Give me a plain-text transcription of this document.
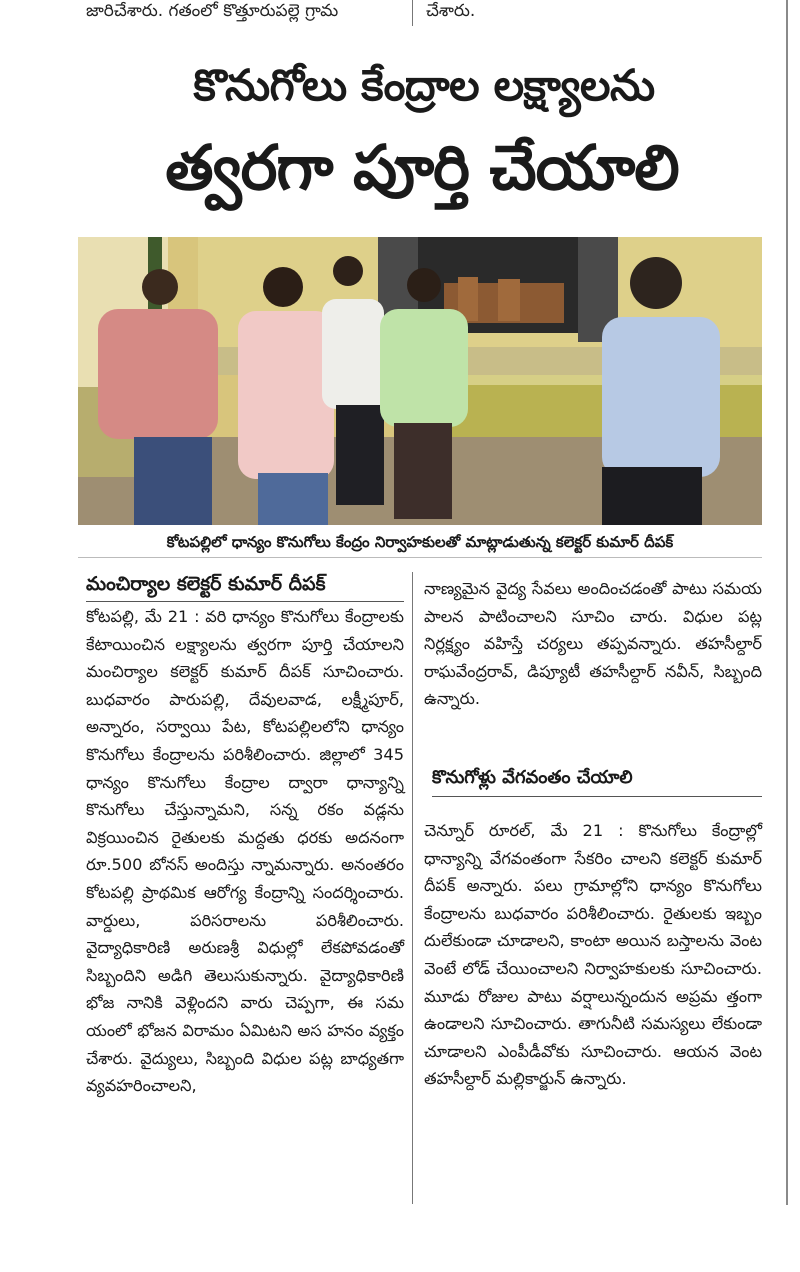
జారిచేశారు. గతంలో కొత్తూరుపల్లె గ్రామ	చేశారు.
కొనుగోలు కేంద్రాల లక్ష్యాలను
త్వరగా పూర్తి చేయాలి
కోటపల్లిలో ధాన్యం కొనుగోలు కేంద్రం నిర్వాహకులతో మాట్లాడుతున్న కలెక్టర్ కుమార్ దీపక్
మంచిర్యాల కలెక్టర్ కుమార్ దీపక్

కోటపల్లి, మే 21 : వరి ధాన్యం కొనుగోలు కేంద్రాలకు కేటాయించిన లక్ష్యాలను త్వరగా పూర్తి చేయాలని మంచిర్యాల కలెక్టర్ కుమార్ దీపక్ సూచించారు. బుధవారం పారుపల్లి, దేవులవాడ, లక్ష్మీపూర్, అన్నారం, సర్వాయి పేట, కోటపల్లిలలోని ధాన్యం కొనుగోలు కేంద్రాలను పరిశీలించారు. జిల్లాలో 345 ధాన్యం కొనుగోలు కేంద్రాల ద్వారా ధాన్యాన్ని కొనుగోలు చేస్తున్నామని, సన్న రకం వడ్లను విక్రయించిన రైతులకు మద్దతు ధరకు అదనంగా రూ.500 బోనస్ అందిస్తు న్నామన్నారు. అనంతరం కోటపల్లి ప్రాథమిక ఆరోగ్య కేంద్రాన్ని సందర్శించారు. వార్డులు, పరిసరాలను పరిశీలించారు. వైద్యాధికారిణి అరుణశ్రీ విధుల్లో లేకపోవడంతో సిబ్బందిని అడిగి తెలుసుకున్నారు. వైద్యాధికారిణి భోజ నానికి వెళ్లిందని వారు చెప్పగా, ఈ సమ యంలో భోజన విరామం ఏమిటని అస హనం వ్యక్తం చేశారు. వైద్యులు, సిబ్బంది విధుల పట్ల బాధ్యతగా వ్యవహరించాలని,

నాణ్యమైన వైద్య సేవలు అందించడంతో పాటు సమయ పాలన పాటించాలని సూచిం చారు. విధుల పట్ల నిర్లక్ష్యం వహిస్తే చర్యలు తప్పవన్నారు. తహసీల్దార్ రాఘవేంద్రరావ్, డిప్యూటీ తహసీల్దార్ నవీన్, సిబ్బంది ఉన్నారు.

కొనుగోళ్లు వేగవంతం చేయాలి

చెన్నూర్ రూరల్, మే 21 : కొనుగోలు కేంద్రాల్లో ధాన్యాన్ని వేగవంతంగా సేకరిం చాలని కలెక్టర్ కుమార్ దీపక్ అన్నారు. పలు గ్రామాల్లోని ధాన్యం కొనుగోలు కేంద్రాలను బుధవారం పరిశీలించారు. రైతులకు ఇబ్బం దులేకుండా చూడాలని, కాంటా అయిన బస్తాలను వెంట వెంటే లోడ్ చేయించాలని నిర్వాహకులకు సూచించారు. మూడు రోజుల పాటు వర్షాలున్నందున అప్రమ త్తంగా ఉండాలని సూచించారు. తాగునీటి సమస్యలు లేకుండా చూడాలని ఎంపీడీవోకు సూచించారు. ఆయన వెంట తహసీల్దార్ మల్లికార్జున్ ఉన్నారు.
